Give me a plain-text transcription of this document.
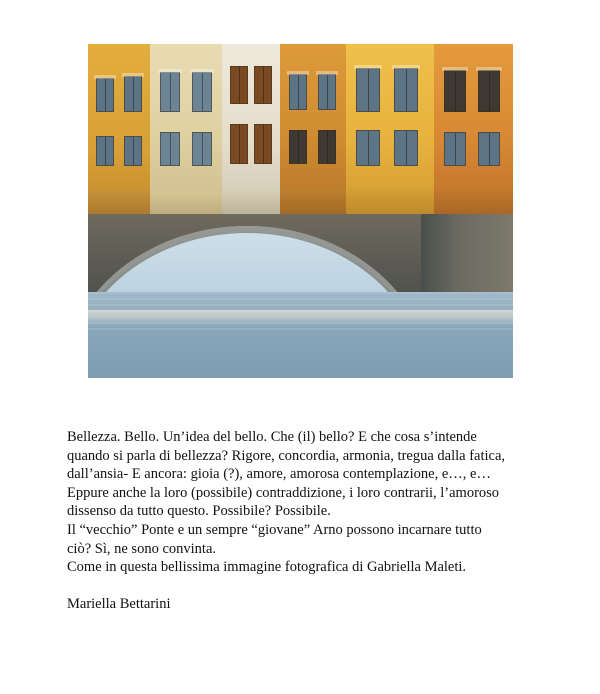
Bellezza. Bello. Un’idea del bello. Che (il) bello? E che cosa s’intende

quando si parla di bellezza? Rigore, concordia, armonia, tregua dalla fatica,

dall’ansia- E ancora: gioia (?), amore, amorosa contemplazione, e…, e…

Eppure anche la loro (possibile) contraddizione, i loro contrarii, l’amoroso

dissenso da tutto questo. Possibile? Possibile.

Il “vecchio” Ponte e un sempre “giovane” Arno possono incarnare tutto

ciò? Sì, ne sono convinta.

Come in questa bellissima immagine fotografica di Gabriella Maleti.

Mariella Bettarini
